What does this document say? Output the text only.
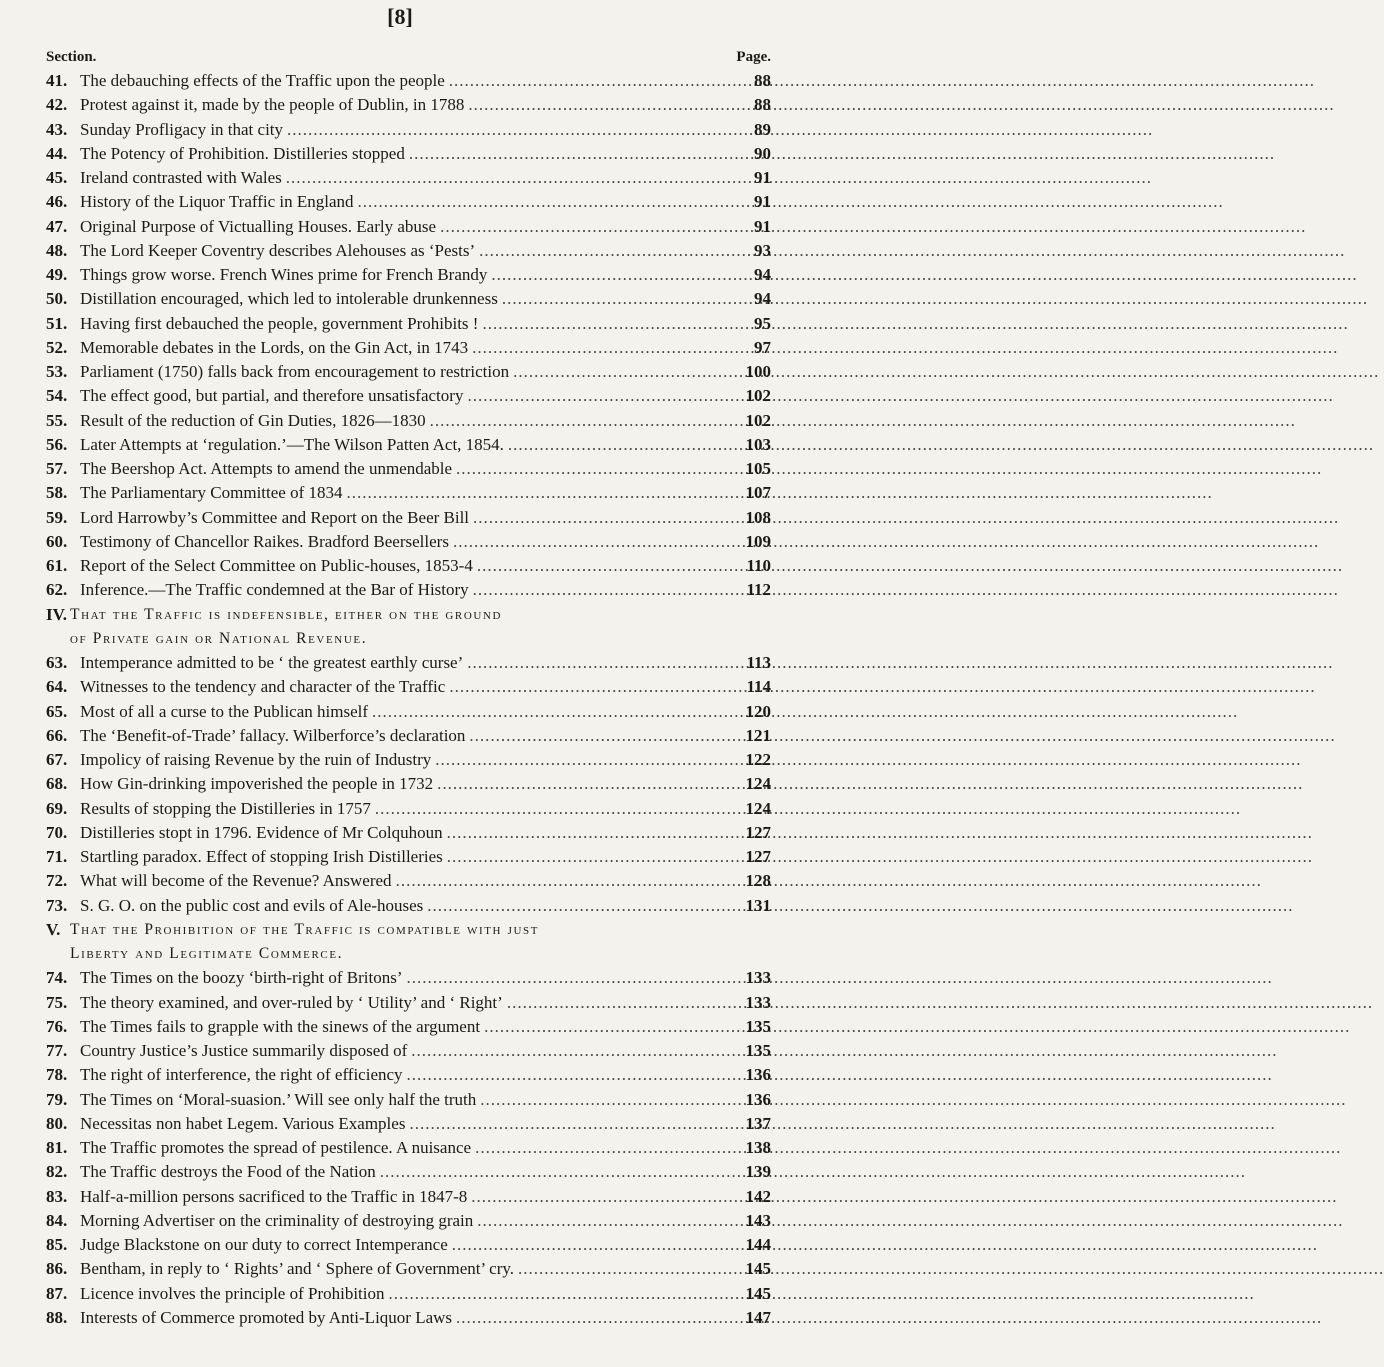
[8]
Section.	Page.
41. The debauching effects of the Traffic upon the people .....	88
42. Protest against it, made by the people of Dublin, in 1788 .....	88
43. Sunday Profligacy in that city .....	89
44. The Potency of Prohibition. Distilleries stopped .....	90
45. Ireland contrasted with Wales .....	91
46. History of the Liquor Traffic in England .....	91
47. Original Purpose of Victualling Houses. Early abuse .....	91
48. The Lord Keeper Coventry describes Alehouses as ‘Pests’ .....	93
49. Things grow worse. French Wines prime for French Brandy .....	94
50. Distillation encouraged, which led to intolerable drunkenness .....	94
51. Having first debauched the people, government Prohibits ! .....	95
52. Memorable debates in the Lords, on the Gin Act, in 1743 .....	97
53. Parliament (1750) falls back from encouragement to restriction .....	100
54. The effect good, but partial, and therefore unsatisfactory .....	102
55. Result of the reduction of Gin Duties, 1826—1830 .....	102
56. Later Attempts at ‘regulation.’—The Wilson Patten Act, 1854. .....	103
57. The Beershop Act. Attempts to amend the unmendable .....	105
58. The Parliamentary Committee of 1834 .....	107
59. Lord Harrowby’s Committee and Report on the Beer Bill .....	108
60. Testimony of Chancellor Raikes. Bradford Beersellers .....	109
61. Report of the Select Committee on Public-houses, 1853-4 .....	110
62. Inference.—The Traffic condemned at the Bar of History .....	112
IV. That the Traffic is indefensible, either on the ground
of Private gain or National Revenue.
63. Intemperance admitted to be ‘ the greatest earthly curse’ .....	113
64. Witnesses to the tendency and character of the Traffic .....	114
65. Most of all a curse to the Publican himself .....	120
66. The ‘Benefit-of-Trade’ fallacy. Wilberforce’s declaration .....	121
67. Impolicy of raising Revenue by the ruin of Industry .....	122
68. How Gin-drinking impoverished the people in 1732 .....	124
69. Results of stopping the Distilleries in 1757 .....	124
70. Distilleries stopt in 1796. Evidence of Mr Colquhoun .....	127
71. Startling paradox. Effect of stopping Irish Distilleries .....	127
72. What will become of the Revenue? Answered .....	128
73. S. G. O. on the public cost and evils of Ale-houses .....	131
V. That the Prohibition of the Traffic is compatible with just
Liberty and Legitimate Commerce.
74. The Times on the boozy ‘birth-right of Britons’ .....	133
75. The theory examined, and over-ruled by ‘ Utility’ and ‘ Right’ .....	133
76. The Times fails to grapple with the sinews of the argument .....	135
77. Country Justice’s Justice summarily disposed of .....	135
78. The right of interference, the right of efficiency .....	136
79. The Times on ‘Moral-suasion.’ Will see only half the truth .....	136
80. Necessitas non habet Legem. Various Examples .....	137
81. The Traffic promotes the spread of pestilence. A nuisance .....	138
82. The Traffic destroys the Food of the Nation .....	139
83. Half-a-million persons sacrificed to the Traffic in 1847-8 .....	142
84. Morning Advertiser on the criminality of destroying grain .....	143
85. Judge Blackstone on our duty to correct Intemperance .....	144
86. Bentham, in reply to ‘ Rights’ and ‘ Sphere of Government’ cry. .....	145
87. Licence involves the principle of Prohibition .....	145
88. Interests of Commerce promoted by Anti-Liquor Laws .....	147
